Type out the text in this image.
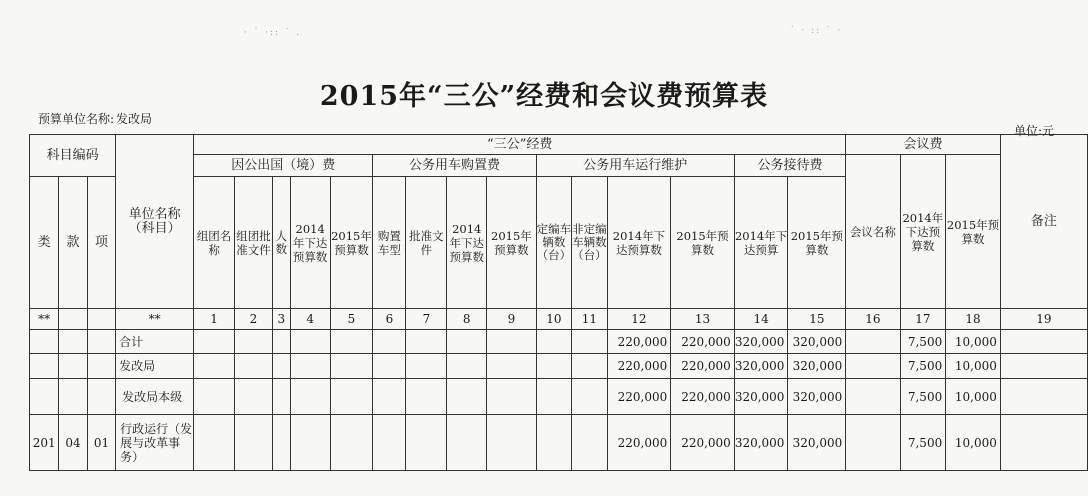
· ˙ ·:: ˙ .	˙ · :: ˙ ·
2015年“三公”经费和会议费预算表
预算单位名称: 发改局
单位:元
科目编码			单位名称（科目）	“三公”经费															会议费			备注
				因公出国（境）费					公务用车购置费				公务用车运行维护				公务接待费		会议名称	2014年下达预算数	2015年预算数	
类	款	项		组团名称	组团批准文件	人数	2014年下达预算数	2015年预算数	购置车型	批准文件	2014年下达预算数	2015年预算数	定编车辆数（台）	非定编车辆数（台）	2014年下达预算数	2015年预算数	2014年下达预算	2015年预算数				
**			**	1	2	3	4	5	6	7	8	9	10	11	12	13	14	15	16	17	18	19
			合计												220,000	220,000	320,000	320,000		7,500	10,000	
			发改局												220,000	220,000	320,000	320,000		7,500	10,000	
			发改局本级												220,000	220,000	320,000	320,000		7,500	10,000	
201	04	01	行政运行（发展与改革事务）												220,000	220,000	320,000	320,000		7,500	10,000	
